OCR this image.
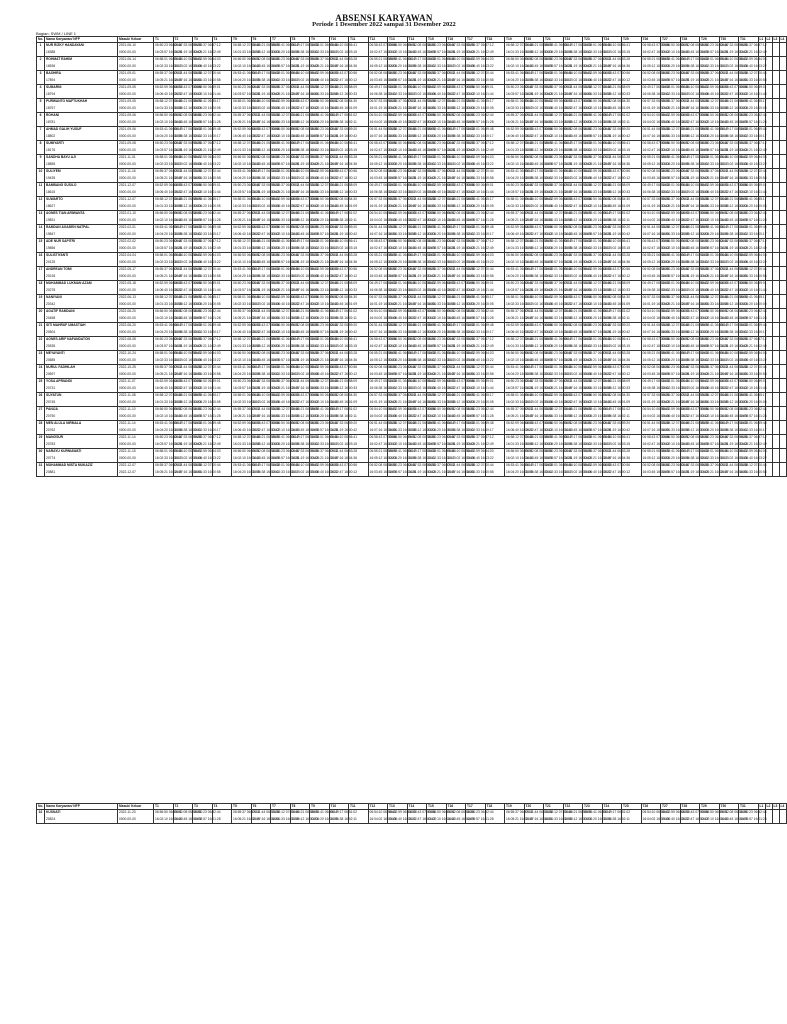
ABSENSI KARYAWAN
Periode 1 Desember 2022 sampai 31 Desember 2022
Bagian: SWM / LINE 1
No.	Nama Karyawan/ NFP	Masuk/ Keluar	T1	T2	T3	T4	T5	T6	T7	T8	T9	T10	T11	T12	T13	T14	T15	T16	T17	T18	T19	T20	T21	T22	T23	T24	T25	T26	T27	T28	T29	T30	T31	L1	L2	L3	L4
1	NUR RIZKY HANDAYANI
16388	2021-06-10
0000-00-00	06:50:23 06:52:44
16:03:57 16:01:28	06:57:33 06:59:20
16:01:19 16:00:42	06:55:37 06:57:12
16:05:21 16:02:49		06:58:12 07:00:44
16:01:33 16:00:58	06:55:21 06:58:09
16:05:12 16:00:33	06:53:41 06:55:17
16:04:20 16:00:05	06:49:17 06:51:02
16:06:38 16:02:11	06:58:01 06:59:48
16:02:33 16:00:17	06:54:10 06:56:41
16:04:02 16:03:15		06:58:43 07:00:56
16:02:47 16:00:12	06:56:50 06:59:01
16:02:10 16:01:44	06:52:08 06:54:30
16:03:45 16:01:09	06:50:23 06:52:44
16:03:57 16:01:28	06:57:33 06:59:20
16:01:19 16:00:42	06:55:37 06:57:12
16:05:21 16:02:49		06:58:12 07:00:44
16:01:33 16:00:58	06:55:21 06:58:09
16:05:12 16:00:33	06:53:41 06:55:17
16:04:20 16:00:05	06:49:17 06:51:02
16:06:38 16:02:11	06:58:01 06:59:48
16:02:33 16:00:17	06:54:10 06:56:41
16:04:02 16:03:15		06:58:43 07:00:56
16:02:47 16:00:12	06:56:50 06:59:01
16:02:10 16:01:44	06:52:08 06:54:30
16:03:45 16:01:09	06:50:23 06:52:44
16:03:57 16:01:28	06:57:33 06:59:20
16:01:19 16:00:42	06:55:37 06:57:12
16:05:21 16:02:49				

2	ROHMAT RAHIM
16536	2021-06-14
0000-00-00	06:58:01 06:59:48
16:02:33 16:00:17	06:54:10 06:56:41
16:04:02 16:03:15	06:52:59 06:54:03
16:06:40 16:03:22		06:56:50 06:59:01
16:02:10 16:01:44	06:52:08 06:54:30
16:03:45 16:01:09	06:50:23 06:52:44
16:03:57 16:01:28	06:57:33 06:59:20
16:01:19 16:00:42	06:55:37 06:57:12
16:05:21 16:02:49	06:51:44 06:53:28
16:07:16 16:04:36		06:55:21 06:58:09
16:05:12 16:00:33	06:53:41 06:55:17
16:04:20 16:00:05	06:49:17 06:51:02
16:06:38 16:02:11	06:58:01 06:59:48
16:02:33 16:00:17	06:54:10 06:56:41
16:04:02 16:03:15	06:52:59 06:54:03
16:06:40 16:03:22		06:56:50 06:59:01
16:02:10 16:01:44	06:52:08 06:54:30
16:03:45 16:01:09	06:50:23 06:52:44
16:03:57 16:01:28	06:57:33 06:59:20
16:01:19 16:00:42	06:55:37 06:57:12
16:05:21 16:02:49	06:51:44 06:53:28
16:07:16 16:04:36		06:55:21 06:58:09
16:05:12 16:00:33	06:53:41 06:55:17
16:04:20 16:00:05	06:49:17 06:51:02
16:06:38 16:02:11	06:58:01 06:59:48
16:02:33 16:00:17	06:54:10 06:56:41
16:04:02 16:03:15	06:52:59 06:54:03
16:06:40 16:03:22				

3	BASHIRA
17894	2021-09-01
0000-00-00	06:55:37 06:57:12
16:05:21 16:02:49	06:51:44 06:53:28
16:07:16 16:04:36	06:58:12 07:00:44
16:01:33 16:00:58		06:53:41 06:55:17
16:04:20 16:00:05	06:49:17 06:51:02
16:06:38 16:02:11	06:58:01 06:59:48
16:02:33 16:00:17	06:54:10 06:56:41
16:04:02 16:03:15	06:52:59 06:54:03
16:06:40 16:03:22	06:58:43 07:00:56
16:02:47 16:00:12		06:52:08 06:54:30
16:03:45 16:01:09	06:50:23 06:52:44
16:03:57 16:01:28	06:57:33 06:59:20
16:01:19 16:00:42	06:55:37 06:57:12
16:05:21 16:02:49	06:51:44 06:53:28
16:07:16 16:04:36	06:58:12 07:00:44
16:01:33 16:00:58		06:53:41 06:55:17
16:04:20 16:00:05	06:49:17 06:51:02
16:06:38 16:02:11	06:58:01 06:59:48
16:02:33 16:00:17	06:54:10 06:56:41
16:04:02 16:03:15	06:52:59 06:54:03
16:06:40 16:03:22	06:58:43 07:00:56
16:02:47 16:00:12		06:52:08 06:54:30
16:03:45 16:01:09	06:50:23 06:52:44
16:03:57 16:01:28	06:57:33 06:59:20
16:01:19 16:00:42	06:55:37 06:57:12
16:05:21 16:02:49	06:51:44 06:53:28
16:07:16 16:04:36	06:58:12 07:00:44
16:01:33 16:00:58				

4	SUMARNI
18794	2021-09-05
0000-00-00	06:52:59 06:54:03
16:06:40 16:03:22	06:58:43 07:00:56
16:02:47 16:00:12	06:56:50 06:59:01
16:02:10 16:01:44		06:50:23 06:52:44
16:03:57 16:01:28	06:57:33 06:59:20
16:01:19 16:00:42	06:55:37 06:57:12
16:05:21 16:02:49	06:51:44 06:53:28
16:07:16 16:04:36	06:58:12 07:00:44
16:01:33 16:00:58	06:55:21 06:58:09
16:05:12 16:00:33		06:49:17 06:51:02
16:06:38 16:02:11	06:58:01 06:59:48
16:02:33 16:00:17	06:54:10 06:56:41
16:04:02 16:03:15	06:52:59 06:54:03
16:06:40 16:03:22	06:58:43 07:00:56
16:02:47 16:00:12	06:56:50 06:59:01
16:02:10 16:01:44		06:50:23 06:52:44
16:03:57 16:01:28	06:57:33 06:59:20
16:01:19 16:00:42	06:55:37 06:57:12
16:05:21 16:02:49	06:51:44 06:53:28
16:07:16 16:04:36	06:58:12 07:00:44
16:01:33 16:00:58	06:55:21 06:58:09
16:05:12 16:00:33		06:49:17 06:51:02
16:06:38 16:02:11	06:58:01 06:59:48
16:02:33 16:00:17	06:54:10 06:56:41
16:04:02 16:03:15	06:52:59 06:54:03
16:06:40 16:03:22	06:58:43 07:00:56
16:02:47 16:00:12	06:56:50 06:59:01
16:02:10 16:01:44				

5	PURWANTO MAFTUKHAH
18767	2021-09-05
0000-00-00	06:58:12 07:00:44
16:01:33 16:00:58	06:55:21 06:58:09
16:05:12 16:00:33	06:53:41 06:55:17
16:04:20 16:00:05		06:58:01 06:59:48
16:02:33 16:00:17	06:54:10 06:56:41
16:04:02 16:03:15	06:52:59 06:54:03
16:06:40 16:03:22	06:58:43 07:00:56
16:02:47 16:00:12	06:56:50 06:59:01
16:02:10 16:01:44	06:52:08 06:54:30
16:03:45 16:01:09		06:57:33 06:59:20
16:01:19 16:00:42	06:55:37 06:57:12
16:05:21 16:02:49	06:51:44 06:53:28
16:07:16 16:04:36	06:58:12 07:00:44
16:01:33 16:00:58	06:55:21 06:58:09
16:05:12 16:00:33	06:53:41 06:55:17
16:04:20 16:00:05		06:58:01 06:59:48
16:02:33 16:00:17	06:54:10 06:56:41
16:04:02 16:03:15	06:52:59 06:54:03
16:06:40 16:03:22	06:58:43 07:00:56
16:02:47 16:00:12	06:56:50 06:59:01
16:02:10 16:01:44	06:52:08 06:54:30
16:03:45 16:01:09		06:57:33 06:59:20
16:01:19 16:00:42	06:55:37 06:57:12
16:05:21 16:02:49	06:51:44 06:53:28
16:07:16 16:04:36	06:58:12 07:00:44
16:01:33 16:00:58	06:55:21 06:58:09
16:05:12 16:00:33	06:53:41 06:55:17
16:04:20 16:00:05				

6	ROHANI
18781	2021-09-06
0000-00-00	06:56:50 06:59:01
16:02:10 16:01:44	06:52:08 06:54:30
16:03:45 16:01:09	06:50:23 06:52:44
16:03:57 16:01:28		06:55:37 06:57:12
16:05:21 16:02:49	06:51:44 06:53:28
16:07:16 16:04:36	06:58:12 07:00:44
16:01:33 16:00:58	06:55:21 06:58:09
16:05:12 16:00:33	06:53:41 06:55:17
16:04:20 16:00:05	06:49:17 06:51:02
16:06:38 16:02:11		06:54:10 06:56:41
16:04:02 16:03:15	06:52:59 06:54:03
16:06:40 16:03:22	06:58:43 07:00:56
16:02:47 16:00:12	06:56:50 06:59:01
16:02:10 16:01:44	06:52:08 06:54:30
16:03:45 16:01:09	06:50:23 06:52:44
16:03:57 16:01:28		06:55:37 06:57:12
16:05:21 16:02:49	06:51:44 06:53:28
16:07:16 16:04:36	06:58:12 07:00:44
16:01:33 16:00:58	06:55:21 06:58:09
16:05:12 16:00:33	06:53:41 06:55:17
16:04:20 16:00:05	06:49:17 06:51:02
16:06:38 16:02:11		06:54:10 06:56:41
16:04:02 16:03:15	06:52:59 06:54:03
16:06:40 16:03:22	06:58:43 07:00:56
16:02:47 16:00:12	06:56:50 06:59:01
16:02:10 16:01:44	06:52:08 06:54:30
16:03:45 16:01:09	06:50:23 06:52:44
16:03:57 16:01:28				

7	AHMAD GALIH YUSUF
18802	2021-09-06
0000-00-00	06:53:41 06:55:17
16:04:20 16:00:05	06:49:17 06:51:02
16:06:38 16:02:11	06:58:01 06:59:48
16:02:33 16:00:17		06:52:59 06:54:03
16:06:40 16:03:22	06:58:43 07:00:56
16:02:47 16:00:12	06:56:50 06:59:01
16:02:10 16:01:44	06:52:08 06:54:30
16:03:45 16:01:09	06:50:23 06:52:44
16:03:57 16:01:28	06:57:33 06:59:20
16:01:19 16:00:42		06:51:44 06:53:28
16:07:16 16:04:36	06:58:12 07:00:44
16:01:33 16:00:58	06:55:21 06:58:09
16:05:12 16:00:33	06:53:41 06:55:17
16:04:20 16:00:05	06:49:17 06:51:02
16:06:38 16:02:11	06:58:01 06:59:48
16:02:33 16:00:17		06:52:59 06:54:03
16:06:40 16:03:22	06:58:43 07:00:56
16:02:47 16:00:12	06:56:50 06:59:01
16:02:10 16:01:44	06:52:08 06:54:30
16:03:45 16:01:09	06:50:23 06:52:44
16:03:57 16:01:28	06:57:33 06:59:20
16:01:19 16:00:42		06:51:44 06:53:28
16:07:16 16:04:36	06:58:12 07:00:44
16:01:33 16:00:58	06:55:21 06:58:09
16:05:12 16:00:33	06:53:41 06:55:17
16:04:20 16:00:05	06:49:17 06:51:02
16:06:38 16:02:11	06:58:01 06:59:48
16:02:33 16:00:17				

8	SUMIYARTI
18176	2021-09-08
0000-00-00	06:50:23 06:52:44
16:03:57 16:01:28	06:57:33 06:59:20
16:01:19 16:00:42	06:55:37 06:57:12
16:05:21 16:02:49		06:58:12 07:00:44
16:01:33 16:00:58	06:55:21 06:58:09
16:05:12 16:00:33	06:53:41 06:55:17
16:04:20 16:00:05	06:49:17 06:51:02
16:06:38 16:02:11	06:58:01 06:59:48
16:02:33 16:00:17	06:54:10 06:56:41
16:04:02 16:03:15		06:58:43 07:00:56
16:02:47 16:00:12	06:56:50 06:59:01
16:02:10 16:01:44	06:52:08 06:54:30
16:03:45 16:01:09	06:50:23 06:52:44
16:03:57 16:01:28	06:57:33 06:59:20
16:01:19 16:00:42	06:55:37 06:57:12
16:05:21 16:02:49		06:58:12 07:00:44
16:01:33 16:00:58	06:55:21 06:58:09
16:05:12 16:00:33	06:53:41 06:55:17
16:04:20 16:00:05	06:49:17 06:51:02
16:06:38 16:02:11	06:58:01 06:59:48
16:02:33 16:00:17	06:54:10 06:56:41
16:04:02 16:03:15		06:58:43 07:00:56
16:02:47 16:00:12	06:56:50 06:59:01
16:02:10 16:01:44	06:52:08 06:54:30
16:03:45 16:01:09	06:50:23 06:52:44
16:03:57 16:01:28	06:57:33 06:59:20
16:01:19 16:00:42	06:55:37 06:57:12
16:05:21 16:02:49				

9	SANDHA BAYU AJI
18855	2021-11-01
0000-00-00	06:58:01 06:59:48
16:02:33 16:00:17	06:54:10 06:56:41
16:04:02 16:03:15	06:52:59 06:54:03
16:06:40 16:03:22		06:56:50 06:59:01
16:02:10 16:01:44	06:52:08 06:54:30
16:03:45 16:01:09	06:50:23 06:52:44
16:03:57 16:01:28	06:57:33 06:59:20
16:01:19 16:00:42	06:55:37 06:57:12
16:05:21 16:02:49	06:51:44 06:53:28
16:07:16 16:04:36		06:55:21 06:58:09
16:05:12 16:00:33	06:53:41 06:55:17
16:04:20 16:00:05	06:49:17 06:51:02
16:06:38 16:02:11	06:58:01 06:59:48
16:02:33 16:00:17	06:54:10 06:56:41
16:04:02 16:03:15	06:52:59 06:54:03
16:06:40 16:03:22		06:56:50 06:59:01
16:02:10 16:01:44	06:52:08 06:54:30
16:03:45 16:01:09	06:50:23 06:52:44
16:03:57 16:01:28	06:57:33 06:59:20
16:01:19 16:00:42	06:55:37 06:57:12
16:05:21 16:02:49	06:51:44 06:53:28
16:07:16 16:04:36		06:55:21 06:58:09
16:05:12 16:00:33	06:53:41 06:55:17
16:04:20 16:00:05	06:49:17 06:51:02
16:06:38 16:02:11	06:58:01 06:59:48
16:02:33 16:00:17	06:54:10 06:56:41
16:04:02 16:03:15	06:52:59 06:54:03
16:06:40 16:03:22				

10	SULIYEM
19435	2021-11-16
0000-00-00	06:55:37 06:57:12
16:05:21 16:02:49	06:51:44 06:53:28
16:07:16 16:04:36	06:58:12 07:00:44
16:01:33 16:00:58		06:53:41 06:55:17
16:04:20 16:00:05	06:49:17 06:51:02
16:06:38 16:02:11	06:58:01 06:59:48
16:02:33 16:00:17	06:54:10 06:56:41
16:04:02 16:03:15	06:52:59 06:54:03
16:06:40 16:03:22	06:58:43 07:00:56
16:02:47 16:00:12		06:52:08 06:54:30
16:03:45 16:01:09	06:50:23 06:52:44
16:03:57 16:01:28	06:57:33 06:59:20
16:01:19 16:00:42	06:55:37 06:57:12
16:05:21 16:02:49	06:51:44 06:53:28
16:07:16 16:04:36	06:58:12 07:00:44
16:01:33 16:00:58		06:53:41 06:55:17
16:04:20 16:00:05	06:49:17 06:51:02
16:06:38 16:02:11	06:58:01 06:59:48
16:02:33 16:00:17	06:54:10 06:56:41
16:04:02 16:03:15	06:52:59 06:54:03
16:06:40 16:03:22	06:58:43 07:00:56
16:02:47 16:00:12		06:52:08 06:54:30
16:03:45 16:01:09	06:50:23 06:52:44
16:03:57 16:01:28	06:57:33 06:59:20
16:01:19 16:00:42	06:55:37 06:57:12
16:05:21 16:02:49	06:51:44 06:53:28
16:07:16 16:04:36	06:58:12 07:00:44
16:01:33 16:00:58				

11	BAMBANG SUSILO
18615	2021-12-07
0000-00-00	06:52:59 06:54:03
16:06:40 16:03:22	06:58:43 07:00:56
16:02:47 16:00:12	06:56:50 06:59:01
16:02:10 16:01:44		06:50:23 06:52:44
16:03:57 16:01:28	06:57:33 06:59:20
16:01:19 16:00:42	06:55:37 06:57:12
16:05:21 16:02:49	06:51:44 06:53:28
16:07:16 16:04:36	06:58:12 07:00:44
16:01:33 16:00:58	06:55:21 06:58:09
16:05:12 16:00:33		06:49:17 06:51:02
16:06:38 16:02:11	06:58:01 06:59:48
16:02:33 16:00:17	06:54:10 06:56:41
16:04:02 16:03:15	06:52:59 06:54:03
16:06:40 16:03:22	06:58:43 07:00:56
16:02:47 16:00:12	06:56:50 06:59:01
16:02:10 16:01:44		06:50:23 06:52:44
16:03:57 16:01:28	06:57:33 06:59:20
16:01:19 16:00:42	06:55:37 06:57:12
16:05:21 16:02:49	06:51:44 06:53:28
16:07:16 16:04:36	06:58:12 07:00:44
16:01:33 16:00:58	06:55:21 06:58:09
16:05:12 16:00:33		06:49:17 06:51:02
16:06:38 16:02:11	06:58:01 06:59:48
16:02:33 16:00:17	06:54:10 06:56:41
16:04:02 16:03:15	06:52:59 06:54:03
16:06:40 16:03:22	06:58:43 07:00:56
16:02:47 16:00:12	06:56:50 06:59:01
16:02:10 16:01:44				

12	SUWARTO
18627	2021-12-07
0000-00-00	06:58:12 07:00:44
16:01:33 16:00:58	06:55:21 06:58:09
16:05:12 16:00:33	06:53:41 06:55:17
16:04:20 16:00:05		06:58:01 06:59:48
16:02:33 16:00:17	06:54:10 06:56:41
16:04:02 16:03:15	06:52:59 06:54:03
16:06:40 16:03:22	06:58:43 07:00:56
16:02:47 16:00:12	06:56:50 06:59:01
16:02:10 16:01:44	06:52:08 06:54:30
16:03:45 16:01:09		06:57:33 06:59:20
16:01:19 16:00:42	06:55:37 06:57:12
16:05:21 16:02:49	06:51:44 06:53:28
16:07:16 16:04:36	06:58:12 07:00:44
16:01:33 16:00:58	06:55:21 06:58:09
16:05:12 16:00:33	06:53:41 06:55:17
16:04:20 16:00:05		06:58:01 06:59:48
16:02:33 16:00:17	06:54:10 06:56:41
16:04:02 16:03:15	06:52:59 06:54:03
16:06:40 16:03:22	06:58:43 07:00:56
16:02:47 16:00:12	06:56:50 06:59:01
16:02:10 16:01:44	06:52:08 06:54:30
16:03:45 16:01:09		06:57:33 06:59:20
16:01:19 16:00:42	06:55:37 06:57:12
16:05:21 16:02:49	06:51:44 06:53:28
16:07:16 16:04:36	06:58:12 07:00:44
16:01:33 16:00:58	06:55:21 06:58:09
16:05:12 16:00:33	06:53:41 06:55:17
16:04:20 16:00:05				

13	AGNES TIAN ARIWANTA
19831	2022-01-10
0000-00-00	06:56:50 06:59:01
16:02:10 16:01:44	06:52:08 06:54:30
16:03:45 16:01:09	06:50:23 06:52:44
16:03:57 16:01:28		06:55:37 06:57:12
16:05:21 16:02:49	06:51:44 06:53:28
16:07:16 16:04:36	06:58:12 07:00:44
16:01:33 16:00:58	06:55:21 06:58:09
16:05:12 16:00:33	06:53:41 06:55:17
16:04:20 16:00:05	06:49:17 06:51:02
16:06:38 16:02:11		06:54:10 06:56:41
16:04:02 16:03:15	06:52:59 06:54:03
16:06:40 16:03:22	06:58:43 07:00:56
16:02:47 16:00:12	06:56:50 06:59:01
16:02:10 16:01:44	06:52:08 06:54:30
16:03:45 16:01:09	06:50:23 06:52:44
16:03:57 16:01:28		06:55:37 06:57:12
16:05:21 16:02:49	06:51:44 06:53:28
16:07:16 16:04:36	06:58:12 07:00:44
16:01:33 16:00:58	06:55:21 06:58:09
16:05:12 16:00:33	06:53:41 06:55:17
16:04:20 16:00:05	06:49:17 06:51:02
16:06:38 16:02:11		06:54:10 06:56:41
16:04:02 16:03:15	06:52:59 06:54:03
16:06:40 16:03:22	06:58:43 07:00:56
16:02:47 16:00:12	06:56:50 06:59:01
16:02:10 16:01:44	06:52:08 06:54:30
16:03:45 16:01:09	06:50:23 06:52:44
16:03:57 16:01:28				

14	RAMDAN AGADEN NATPAL
19847	2022-02-01
0000-00-00	06:53:41 06:55:17
16:04:20 16:00:05	06:49:17 06:51:02
16:06:38 16:02:11	06:58:01 06:59:48
16:02:33 16:00:17		06:52:59 06:54:03
16:06:40 16:03:22	06:58:43 07:00:56
16:02:47 16:00:12	06:56:50 06:59:01
16:02:10 16:01:44	06:52:08 06:54:30
16:03:45 16:01:09	06:50:23 06:52:44
16:03:57 16:01:28	06:57:33 06:59:20
16:01:19 16:00:42		06:51:44 06:53:28
16:07:16 16:04:36	06:58:12 07:00:44
16:01:33 16:00:58	06:55:21 06:58:09
16:05:12 16:00:33	06:53:41 06:55:17
16:04:20 16:00:05	06:49:17 06:51:02
16:06:38 16:02:11	06:58:01 06:59:48
16:02:33 16:00:17		06:52:59 06:54:03
16:06:40 16:03:22	06:58:43 07:00:56
16:02:47 16:00:12	06:56:50 06:59:01
16:02:10 16:01:44	06:52:08 06:54:30
16:03:45 16:01:09	06:50:23 06:52:44
16:03:57 16:01:28	06:57:33 06:59:20
16:01:19 16:00:42		06:51:44 06:53:28
16:07:16 16:04:36	06:58:12 07:00:44
16:01:33 16:00:58	06:55:21 06:58:09
16:05:12 16:00:33	06:53:41 06:55:17
16:04:20 16:00:05	06:49:17 06:51:02
16:06:38 16:02:11	06:58:01 06:59:48
16:02:33 16:00:17				

15	ADE NUR SAPITRI
19856	2022-02-02
0000-00-00	06:50:23 06:52:44
16:03:57 16:01:28	06:57:33 06:59:20
16:01:19 16:00:42	06:55:37 06:57:12
16:05:21 16:02:49		06:58:12 07:00:44
16:01:33 16:00:58	06:55:21 06:58:09
16:05:12 16:00:33	06:53:41 06:55:17
16:04:20 16:00:05	06:49:17 06:51:02
16:06:38 16:02:11	06:58:01 06:59:48
16:02:33 16:00:17	06:54:10 06:56:41
16:04:02 16:03:15		06:58:43 07:00:56
16:02:47 16:00:12	06:56:50 06:59:01
16:02:10 16:01:44	06:52:08 06:54:30
16:03:45 16:01:09	06:50:23 06:52:44
16:03:57 16:01:28	06:57:33 06:59:20
16:01:19 16:00:42	06:55:37 06:57:12
16:05:21 16:02:49		06:58:12 07:00:44
16:01:33 16:00:58	06:55:21 06:58:09
16:05:12 16:00:33	06:53:41 06:55:17
16:04:20 16:00:05	06:49:17 06:51:02
16:06:38 16:02:11	06:58:01 06:59:48
16:02:33 16:00:17	06:54:10 06:56:41
16:04:02 16:03:15		06:58:43 07:00:56
16:02:47 16:00:12	06:56:50 06:59:01
16:02:10 16:01:44	06:52:08 06:54:30
16:03:45 16:01:09	06:50:23 06:52:44
16:03:57 16:01:28	06:57:33 06:59:20
16:01:19 16:00:42	06:55:37 06:57:12
16:05:21 16:02:49				

16	SULISTIYANTI
20125	2022-04-04
0000-00-00	06:58:01 06:59:48
16:02:33 16:00:17	06:54:10 06:56:41
16:04:02 16:03:15	06:52:59 06:54:03
16:06:40 16:03:22		06:56:50 06:59:01
16:02:10 16:01:44	06:52:08 06:54:30
16:03:45 16:01:09	06:50:23 06:52:44
16:03:57 16:01:28	06:57:33 06:59:20
16:01:19 16:00:42	06:55:37 06:57:12
16:05:21 16:02:49	06:51:44 06:53:28
16:07:16 16:04:36		06:55:21 06:58:09
16:05:12 16:00:33	06:53:41 06:55:17
16:04:20 16:00:05	06:49:17 06:51:02
16:06:38 16:02:11	06:58:01 06:59:48
16:02:33 16:00:17	06:54:10 06:56:41
16:04:02 16:03:15	06:52:59 06:54:03
16:06:40 16:03:22		06:56:50 06:59:01
16:02:10 16:01:44	06:52:08 06:54:30
16:03:45 16:01:09	06:50:23 06:52:44
16:03:57 16:01:28	06:57:33 06:59:20
16:01:19 16:00:42	06:55:37 06:57:12
16:05:21 16:02:49	06:51:44 06:53:28
16:07:16 16:04:36		06:55:21 06:58:09
16:05:12 16:00:33	06:53:41 06:55:17
16:04:20 16:00:05	06:49:17 06:51:02
16:06:38 16:02:11	06:58:01 06:59:48
16:02:33 16:00:17	06:54:10 06:56:41
16:04:02 16:03:15	06:52:59 06:54:03
16:06:40 16:03:22				

17	ANDREAN TOMI
20218	2022-05-17
0000-00-00	06:55:37 06:57:12
16:05:21 16:02:49	06:51:44 06:53:28
16:07:16 16:04:36	06:58:12 07:00:44
16:01:33 16:00:58		06:53:41 06:55:17
16:04:20 16:00:05	06:49:17 06:51:02
16:06:38 16:02:11	06:58:01 06:59:48
16:02:33 16:00:17	06:54:10 06:56:41
16:04:02 16:03:15	06:52:59 06:54:03
16:06:40 16:03:22	06:58:43 07:00:56
16:02:47 16:00:12		06:52:08 06:54:30
16:03:45 16:01:09	06:50:23 06:52:44
16:03:57 16:01:28	06:57:33 06:59:20
16:01:19 16:00:42	06:55:37 06:57:12
16:05:21 16:02:49	06:51:44 06:53:28
16:07:16 16:04:36	06:58:12 07:00:44
16:01:33 16:00:58		06:53:41 06:55:17
16:04:20 16:00:05	06:49:17 06:51:02
16:06:38 16:02:11	06:58:01 06:59:48
16:02:33 16:00:17	06:54:10 06:56:41
16:04:02 16:03:15	06:52:59 06:54:03
16:06:40 16:03:22	06:58:43 07:00:56
16:02:47 16:00:12		06:52:08 06:54:30
16:03:45 16:01:09	06:50:23 06:52:44
16:03:57 16:01:28	06:57:33 06:59:20
16:01:19 16:00:42	06:55:37 06:57:12
16:05:21 16:02:49	06:51:44 06:53:28
16:07:16 16:04:36	06:58:12 07:00:44
16:01:33 16:00:58				

18	MUHAMMAD LUKMAN AZAM
20278	2022-05-18
0000-00-00	06:52:59 06:54:03
16:06:40 16:03:22	06:58:43 07:00:56
16:02:47 16:00:12	06:56:50 06:59:01
16:02:10 16:01:44		06:50:23 06:52:44
16:03:57 16:01:28	06:57:33 06:59:20
16:01:19 16:00:42	06:55:37 06:57:12
16:05:21 16:02:49	06:51:44 06:53:28
16:07:16 16:04:36	06:58:12 07:00:44
16:01:33 16:00:58	06:55:21 06:58:09
16:05:12 16:00:33		06:49:17 06:51:02
16:06:38 16:02:11	06:58:01 06:59:48
16:02:33 16:00:17	06:54:10 06:56:41
16:04:02 16:03:15	06:52:59 06:54:03
16:06:40 16:03:22	06:58:43 07:00:56
16:02:47 16:00:12	06:56:50 06:59:01
16:02:10 16:01:44		06:50:23 06:52:44
16:03:57 16:01:28	06:57:33 06:59:20
16:01:19 16:00:42	06:55:37 06:57:12
16:05:21 16:02:49	06:51:44 06:53:28
16:07:16 16:04:36	06:58:12 07:00:44
16:01:33 16:00:58	06:55:21 06:58:09
16:05:12 16:00:33		06:49:17 06:51:02
16:06:38 16:02:11	06:58:01 06:59:48
16:02:33 16:00:17	06:54:10 06:56:41
16:04:02 16:03:15	06:52:59 06:54:03
16:06:40 16:03:22	06:58:43 07:00:56
16:02:47 16:00:12	06:56:50 06:59:01
16:02:10 16:01:44				

19	NANIYANI
20342	2022-06-13
0000-00-00	06:58:12 07:00:44
16:01:33 16:00:58	06:55:21 06:58:09
16:05:12 16:00:33	06:53:41 06:55:17
16:04:20 16:00:05		06:58:01 06:59:48
16:02:33 16:00:17	06:54:10 06:56:41
16:04:02 16:03:15	06:52:59 06:54:03
16:06:40 16:03:22	06:58:43 07:00:56
16:02:47 16:00:12	06:56:50 06:59:01
16:02:10 16:01:44	06:52:08 06:54:30
16:03:45 16:01:09		06:57:33 06:59:20
16:01:19 16:00:42	06:55:37 06:57:12
16:05:21 16:02:49	06:51:44 06:53:28
16:07:16 16:04:36	06:58:12 07:00:44
16:01:33 16:00:58	06:55:21 06:58:09
16:05:12 16:00:33	06:53:41 06:55:17
16:04:20 16:00:05		06:58:01 06:59:48
16:02:33 16:00:17	06:54:10 06:56:41
16:04:02 16:03:15	06:52:59 06:54:03
16:06:40 16:03:22	06:58:43 07:00:56
16:02:47 16:00:12	06:56:50 06:59:01
16:02:10 16:01:44	06:52:08 06:54:30
16:03:45 16:01:09		06:57:33 06:59:20
16:01:19 16:00:42	06:55:37 06:57:12
16:05:21 16:02:49	06:51:44 06:53:28
16:07:16 16:04:36	06:58:12 07:00:44
16:01:33 16:00:58	06:55:21 06:58:09
16:05:12 16:00:33	06:53:41 06:55:17
16:04:20 16:00:05				

20	AGATIF RAMDANI
20458	2022-06-20
0000-00-00	06:56:50 06:59:01
16:02:10 16:01:44	06:52:08 06:54:30
16:03:45 16:01:09	06:50:23 06:52:44
16:03:57 16:01:28		06:55:37 06:57:12
16:05:21 16:02:49	06:51:44 06:53:28
16:07:16 16:04:36	06:58:12 07:00:44
16:01:33 16:00:58	06:55:21 06:58:09
16:05:12 16:00:33	06:53:41 06:55:17
16:04:20 16:00:05	06:49:17 06:51:02
16:06:38 16:02:11		06:54:10 06:56:41
16:04:02 16:03:15	06:52:59 06:54:03
16:06:40 16:03:22	06:58:43 07:00:56
16:02:47 16:00:12	06:56:50 06:59:01
16:02:10 16:01:44	06:52:08 06:54:30
16:03:45 16:01:09	06:50:23 06:52:44
16:03:57 16:01:28		06:55:37 06:57:12
16:05:21 16:02:49	06:51:44 06:53:28
16:07:16 16:04:36	06:58:12 07:00:44
16:01:33 16:00:58	06:55:21 06:58:09
16:05:12 16:00:33	06:53:41 06:55:17
16:04:20 16:00:05	06:49:17 06:51:02
16:06:38 16:02:11		06:54:10 06:56:41
16:04:02 16:03:15	06:52:59 06:54:03
16:06:40 16:03:22	06:58:43 07:00:56
16:02:47 16:00:12	06:56:50 06:59:01
16:02:10 16:01:44	06:52:08 06:54:30
16:03:45 16:01:09	06:50:23 06:52:44
16:03:57 16:01:28				

21	SITI MAHRUF UMASTIAH
20504	2022-06-20
0000-00-00	06:53:41 06:55:17
16:04:20 16:00:05	06:49:17 06:51:02
16:06:38 16:02:11	06:58:01 06:59:48
16:02:33 16:00:17		06:52:59 06:54:03
16:06:40 16:03:22	06:58:43 07:00:56
16:02:47 16:00:12	06:56:50 06:59:01
16:02:10 16:01:44	06:52:08 06:54:30
16:03:45 16:01:09	06:50:23 06:52:44
16:03:57 16:01:28	06:57:33 06:59:20
16:01:19 16:00:42		06:51:44 06:53:28
16:07:16 16:04:36	06:58:12 07:00:44
16:01:33 16:00:58	06:55:21 06:58:09
16:05:12 16:00:33	06:53:41 06:55:17
16:04:20 16:00:05	06:49:17 06:51:02
16:06:38 16:02:11	06:58:01 06:59:48
16:02:33 16:00:17		06:52:59 06:54:03
16:06:40 16:03:22	06:58:43 07:00:56
16:02:47 16:00:12	06:56:50 06:59:01
16:02:10 16:01:44	06:52:08 06:54:30
16:03:45 16:01:09	06:50:23 06:52:44
16:03:57 16:01:28	06:57:33 06:59:20
16:01:19 16:00:42		06:51:44 06:53:28
16:07:16 16:04:36	06:58:12 07:00:44
16:01:33 16:00:58	06:55:21 06:58:09
16:05:12 16:00:33	06:53:41 06:55:17
16:04:20 16:00:05	06:49:17 06:51:02
16:06:38 16:02:11	06:58:01 06:59:48
16:02:33 16:00:17				

22	AGNES ARIF NAFANDATON
20535	2022-08-08
0000-00-00	06:50:23 06:52:44
16:03:57 16:01:28	06:57:33 06:59:20
16:01:19 16:00:42	06:55:37 06:57:12
16:05:21 16:02:49		06:58:12 07:00:44
16:01:33 16:00:58	06:55:21 06:58:09
16:05:12 16:00:33	06:53:41 06:55:17
16:04:20 16:00:05	06:49:17 06:51:02
16:06:38 16:02:11	06:58:01 06:59:48
16:02:33 16:00:17	06:54:10 06:56:41
16:04:02 16:03:15		06:58:43 07:00:56
16:02:47 16:00:12	06:56:50 06:59:01
16:02:10 16:01:44	06:52:08 06:54:30
16:03:45 16:01:09	06:50:23 06:52:44
16:03:57 16:01:28	06:57:33 06:59:20
16:01:19 16:00:42	06:55:37 06:57:12
16:05:21 16:02:49		06:58:12 07:00:44
16:01:33 16:00:58	06:55:21 06:58:09
16:05:12 16:00:33	06:53:41 06:55:17
16:04:20 16:00:05	06:49:17 06:51:02
16:06:38 16:02:11	06:58:01 06:59:48
16:02:33 16:00:17	06:54:10 06:56:41
16:04:02 16:03:15		06:58:43 07:00:56
16:02:47 16:00:12	06:56:50 06:59:01
16:02:10 16:01:44	06:52:08 06:54:30
16:03:45 16:01:09	06:50:23 06:52:44
16:03:57 16:01:28	06:57:33 06:59:20
16:01:19 16:00:42	06:55:37 06:57:12
16:05:21 16:02:49				

23	MEYAYANTI
20685	2022-10-24
0000-00-00	06:58:01 06:59:48
16:02:33 16:00:17	06:54:10 06:56:41
16:04:02 16:03:15	06:52:59 06:54:03
16:06:40 16:03:22		06:56:50 06:59:01
16:02:10 16:01:44	06:52:08 06:54:30
16:03:45 16:01:09	06:50:23 06:52:44
16:03:57 16:01:28	06:57:33 06:59:20
16:01:19 16:00:42	06:55:37 06:57:12
16:05:21 16:02:49	06:51:44 06:53:28
16:07:16 16:04:36		06:55:21 06:58:09
16:05:12 16:00:33	06:53:41 06:55:17
16:04:20 16:00:05	06:49:17 06:51:02
16:06:38 16:02:11	06:58:01 06:59:48
16:02:33 16:00:17	06:54:10 06:56:41
16:04:02 16:03:15	06:52:59 06:54:03
16:06:40 16:03:22		06:56:50 06:59:01
16:02:10 16:01:44	06:52:08 06:54:30
16:03:45 16:01:09	06:50:23 06:52:44
16:03:57 16:01:28	06:57:33 06:59:20
16:01:19 16:00:42	06:55:37 06:57:12
16:05:21 16:02:49	06:51:44 06:53:28
16:07:16 16:04:36		06:55:21 06:58:09
16:05:12 16:00:33	06:53:41 06:55:17
16:04:20 16:00:05	06:49:17 06:51:02
16:06:38 16:02:11	06:58:01 06:59:48
16:02:33 16:00:17	06:54:10 06:56:41
16:04:02 16:03:15	06:52:59 06:54:03
16:06:40 16:03:22				

24	NURUL FADHILAH
20697	2022-10-25
0000-00-00	06:55:37 06:57:12
16:05:21 16:02:49	06:51:44 06:53:28
16:07:16 16:04:36	06:58:12 07:00:44
16:01:33 16:00:58		06:53:41 06:55:17
16:04:20 16:00:05	06:49:17 06:51:02
16:06:38 16:02:11	06:58:01 06:59:48
16:02:33 16:00:17	06:54:10 06:56:41
16:04:02 16:03:15	06:52:59 06:54:03
16:06:40 16:03:22	06:58:43 07:00:56
16:02:47 16:00:12		06:52:08 06:54:30
16:03:45 16:01:09	06:50:23 06:52:44
16:03:57 16:01:28	06:57:33 06:59:20
16:01:19 16:00:42	06:55:37 06:57:12
16:05:21 16:02:49	06:51:44 06:53:28
16:07:16 16:04:36	06:58:12 07:00:44
16:01:33 16:00:58		06:53:41 06:55:17
16:04:20 16:00:05	06:49:17 06:51:02
16:06:38 16:02:11	06:58:01 06:59:48
16:02:33 16:00:17	06:54:10 06:56:41
16:04:02 16:03:15	06:52:59 06:54:03
16:06:40 16:03:22	06:58:43 07:00:56
16:02:47 16:00:12		06:52:08 06:54:30
16:03:45 16:01:09	06:50:23 06:52:44
16:03:57 16:01:28	06:57:33 06:59:20
16:01:19 16:00:42	06:55:37 06:57:12
16:05:21 16:02:49	06:51:44 06:53:28
16:07:16 16:04:36	06:58:12 07:00:44
16:01:33 16:00:58				

25	YOSA APRIANDI
20731	2022-11-07
0000-00-00	06:52:59 06:54:03
16:06:40 16:03:22	06:58:43 07:00:56
16:02:47 16:00:12	06:56:50 06:59:01
16:02:10 16:01:44		06:50:23 06:52:44
16:03:57 16:01:28	06:57:33 06:59:20
16:01:19 16:00:42	06:55:37 06:57:12
16:05:21 16:02:49	06:51:44 06:53:28
16:07:16 16:04:36	06:58:12 07:00:44
16:01:33 16:00:58	06:55:21 06:58:09
16:05:12 16:00:33		06:49:17 06:51:02
16:06:38 16:02:11	06:58:01 06:59:48
16:02:33 16:00:17	06:54:10 06:56:41
16:04:02 16:03:15	06:52:59 06:54:03
16:06:40 16:03:22	06:58:43 07:00:56
16:02:47 16:00:12	06:56:50 06:59:01
16:02:10 16:01:44		06:50:23 06:52:44
16:03:57 16:01:28	06:57:33 06:59:20
16:01:19 16:00:42	06:55:37 06:57:12
16:05:21 16:02:49	06:51:44 06:53:28
16:07:16 16:04:36	06:58:12 07:00:44
16:01:33 16:00:58	06:55:21 06:58:09
16:05:12 16:00:33		06:49:17 06:51:02
16:06:38 16:02:11	06:58:01 06:59:48
16:02:33 16:00:17	06:54:10 06:56:41
16:04:02 16:03:15	06:52:59 06:54:03
16:06:40 16:03:22	06:58:43 07:00:56
16:02:47 16:00:12	06:56:50 06:59:01
16:02:10 16:01:44				

26	SUYATUN
20745	2022-11-08
0000-00-00	06:58:12 07:00:44
16:01:33 16:00:58	06:55:21 06:58:09
16:05:12 16:00:33	06:53:41 06:55:17
16:04:20 16:00:05		06:58:01 06:59:48
16:02:33 16:00:17	06:54:10 06:56:41
16:04:02 16:03:15	06:52:59 06:54:03
16:06:40 16:03:22	06:58:43 07:00:56
16:02:47 16:00:12	06:56:50 06:59:01
16:02:10 16:01:44	06:52:08 06:54:30
16:03:45 16:01:09		06:57:33 06:59:20
16:01:19 16:00:42	06:55:37 06:57:12
16:05:21 16:02:49	06:51:44 06:53:28
16:07:16 16:04:36	06:58:12 07:00:44
16:01:33 16:00:58	06:55:21 06:58:09
16:05:12 16:00:33	06:53:41 06:55:17
16:04:20 16:00:05		06:58:01 06:59:48
16:02:33 16:00:17	06:54:10 06:56:41
16:04:02 16:03:15	06:52:59 06:54:03
16:06:40 16:03:22	06:58:43 07:00:56
16:02:47 16:00:12	06:56:50 06:59:01
16:02:10 16:01:44	06:52:08 06:54:30
16:03:45 16:01:09		06:57:33 06:59:20
16:01:19 16:00:42	06:55:37 06:57:12
16:05:21 16:02:49	06:51:44 06:53:28
16:07:16 16:04:36	06:58:12 07:00:44
16:01:33 16:00:58	06:55:21 06:58:09
16:05:12 16:00:33	06:53:41 06:55:17
16:04:20 16:00:05				

27	PANIJA
20750	2022-11-10
0000-00-00	06:56:50 06:59:01
16:02:10 16:01:44	06:52:08 06:54:30
16:03:45 16:01:09	06:50:23 06:52:44
16:03:57 16:01:28		06:55:37 06:57:12
16:05:21 16:02:49	06:51:44 06:53:28
16:07:16 16:04:36	06:58:12 07:00:44
16:01:33 16:00:58	06:55:21 06:58:09
16:05:12 16:00:33	06:53:41 06:55:17
16:04:20 16:00:05	06:49:17 06:51:02
16:06:38 16:02:11		06:54:10 06:56:41
16:04:02 16:03:15	06:52:59 06:54:03
16:06:40 16:03:22	06:58:43 07:00:56
16:02:47 16:00:12	06:56:50 06:59:01
16:02:10 16:01:44	06:52:08 06:54:30
16:03:45 16:01:09	06:50:23 06:52:44
16:03:57 16:01:28		06:55:37 06:57:12
16:05:21 16:02:49	06:51:44 06:53:28
16:07:16 16:04:36	06:58:12 07:00:44
16:01:33 16:00:58	06:55:21 06:58:09
16:05:12 16:00:33	06:53:41 06:55:17
16:04:20 16:00:05	06:49:17 06:51:02
16:06:38 16:02:11		06:54:10 06:56:41
16:04:02 16:03:15	06:52:59 06:54:03
16:06:40 16:03:22	06:58:43 07:00:56
16:02:47 16:00:12	06:56:50 06:59:01
16:02:10 16:01:44	06:52:08 06:54:30
16:03:45 16:01:09	06:50:23 06:52:44
16:03:57 16:01:28				

28	MEN ALULA NIRMALA
20762	2022-11-14
0000-00-00	06:53:41 06:55:17
16:04:20 16:00:05	06:49:17 06:51:02
16:06:38 16:02:11	06:58:01 06:59:48
16:02:33 16:00:17		06:52:59 06:54:03
16:06:40 16:03:22	06:58:43 07:00:56
16:02:47 16:00:12	06:56:50 06:59:01
16:02:10 16:01:44	06:52:08 06:54:30
16:03:45 16:01:09	06:50:23 06:52:44
16:03:57 16:01:28	06:57:33 06:59:20
16:01:19 16:00:42		06:51:44 06:53:28
16:07:16 16:04:36	06:58:12 07:00:44
16:01:33 16:00:58	06:55:21 06:58:09
16:05:12 16:00:33	06:53:41 06:55:17
16:04:20 16:00:05	06:49:17 06:51:02
16:06:38 16:02:11	06:58:01 06:59:48
16:02:33 16:00:17		06:52:59 06:54:03
16:06:40 16:03:22	06:58:43 07:00:56
16:02:47 16:00:12	06:56:50 06:59:01
16:02:10 16:01:44	06:52:08 06:54:30
16:03:45 16:01:09	06:50:23 06:52:44
16:03:57 16:01:28	06:57:33 06:59:20
16:01:19 16:00:42		06:51:44 06:53:28
16:07:16 16:04:36	06:58:12 07:00:44
16:01:33 16:00:58	06:55:21 06:58:09
16:05:12 16:00:33	06:53:41 06:55:17
16:04:20 16:00:05	06:49:17 06:51:02
16:06:38 16:02:11	06:58:01 06:59:48
16:02:33 16:00:17				

29	MANGSUR
20783	2022-11-14
0000-00-00	06:50:23 06:52:44
16:03:57 16:01:28	06:57:33 06:59:20
16:01:19 16:00:42	06:55:37 06:57:12
16:05:21 16:02:49		06:58:12 07:00:44
16:01:33 16:00:58	06:55:21 06:58:09
16:05:12 16:00:33	06:53:41 06:55:17
16:04:20 16:00:05	06:49:17 06:51:02
16:06:38 16:02:11	06:58:01 06:59:48
16:02:33 16:00:17	06:54:10 06:56:41
16:04:02 16:03:15		06:58:43 07:00:56
16:02:47 16:00:12	06:56:50 06:59:01
16:02:10 16:01:44	06:52:08 06:54:30
16:03:45 16:01:09	06:50:23 06:52:44
16:03:57 16:01:28	06:57:33 06:59:20
16:01:19 16:00:42	06:55:37 06:57:12
16:05:21 16:02:49		06:58:12 07:00:44
16:01:33 16:00:58	06:55:21 06:58:09
16:05:12 16:00:33	06:53:41 06:55:17
16:04:20 16:00:05	06:49:17 06:51:02
16:06:38 16:02:11	06:58:01 06:59:48
16:02:33 16:00:17	06:54:10 06:56:41
16:04:02 16:03:15		06:58:43 07:00:56
16:02:47 16:00:12	06:56:50 06:59:01
16:02:10 16:01:44	06:52:08 06:54:30
16:03:45 16:01:09	06:50:23 06:52:44
16:03:57 16:01:28	06:57:33 06:59:20
16:01:19 16:00:42	06:55:37 06:57:12
16:05:21 16:02:49				

30	NARAYU KURNIAWATI
20774	2022-11-15
0000-00-00	06:58:01 06:59:48
16:02:33 16:00:17	06:54:10 06:56:41
16:04:02 16:03:15	06:52:59 06:54:03
16:06:40 16:03:22		06:56:50 06:59:01
16:02:10 16:01:44	06:52:08 06:54:30
16:03:45 16:01:09	06:50:23 06:52:44
16:03:57 16:01:28	06:57:33 06:59:20
16:01:19 16:00:42	06:55:37 06:57:12
16:05:21 16:02:49	06:51:44 06:53:28
16:07:16 16:04:36		06:55:21 06:58:09
16:05:12 16:00:33	06:53:41 06:55:17
16:04:20 16:00:05	06:49:17 06:51:02
16:06:38 16:02:11	06:58:01 06:59:48
16:02:33 16:00:17	06:54:10 06:56:41
16:04:02 16:03:15	06:52:59 06:54:03
16:06:40 16:03:22		06:56:50 06:59:01
16:02:10 16:01:44	06:52:08 06:54:30
16:03:45 16:01:09	06:50:23 06:52:44
16:03:57 16:01:28	06:57:33 06:59:20
16:01:19 16:00:42	06:55:37 06:57:12
16:05:21 16:02:49	06:51:44 06:53:28
16:07:16 16:04:36		06:55:21 06:58:09
16:05:12 16:00:33	06:53:41 06:55:17
16:04:20 16:00:05	06:49:17 06:51:02
16:06:38 16:02:11	06:58:01 06:59:48
16:02:33 16:00:17	06:54:10 06:56:41
16:04:02 16:03:15	06:52:59 06:54:03
16:06:40 16:03:22				

31	MUHAMMAD MISTA MUKAZIZ
20881	2022-12-07
2022-12-07	06:55:37 06:57:12
16:05:21 16:02:49	06:51:44 06:53:28
16:07:16 16:04:36	06:58:12 07:00:44
16:01:33 16:00:58		06:53:41 06:55:17
16:04:20 16:00:05	06:49:17 06:51:02
16:06:38 16:02:11	06:58:01 06:59:48
16:02:33 16:00:17	06:54:10 06:56:41
16:04:02 16:03:15	06:52:59 06:54:03
16:06:40 16:03:22	06:58:43 07:00:56
16:02:47 16:00:12		06:52:08 06:54:30
16:03:45 16:01:09	06:50:23 06:52:44
16:03:57 16:01:28	06:57:33 06:59:20
16:01:19 16:00:42	06:55:37 06:57:12
16:05:21 16:02:49	06:51:44 06:53:28
16:07:16 16:04:36	06:58:12 07:00:44
16:01:33 16:00:58		06:53:41 06:55:17
16:04:20 16:00:05	06:49:17 06:51:02
16:06:38 16:02:11	06:58:01 06:59:48
16:02:33 16:00:17	06:54:10 06:56:41
16:04:02 16:03:15	06:52:59 06:54:03
16:06:40 16:03:22	06:58:43 07:00:56
16:02:47 16:00:12		06:52:08 06:54:30
16:03:45 16:01:09	06:50:23 06:52:44
16:03:57 16:01:28	06:57:33 06:59:20
16:01:19 16:00:42	06:55:37 06:57:12
16:05:21 16:02:49	06:51:44 06:53:28
16:07:16 16:04:36	06:58:12 07:00:44
16:01:33 16:00:58				

No.	Nama Karyawan/ NFP	Masuk/ Keluar	T1	T2	T3	T4	T5	T6	T7	T8	T9	T10	T11	T12	T13	T14	T15	T16	T17	T18	T19	T20	T21	T22	T23	T24	T25	T26	T27	T28	T29	T30	T31	L1	L2	L3	L4
32	KUSNATI
20824	2022-11-23
0000-00-00	06:56:50 06:59:01
16:02:10 16:01:44	06:52:08 06:54:30
16:03:45 16:01:09	06:50:23 06:52:44
16:03:57 16:01:28		06:55:37 06:57:12
16:05:21 16:02:49	06:51:44 06:53:28
16:07:16 16:04:36	06:58:12 07:00:44
16:01:33 16:00:58	06:55:21 06:58:09
16:05:12 16:00:33	06:53:41 06:55:17
16:04:20 16:00:05	06:49:17 06:51:02
16:06:38 16:02:11		06:54:10 06:56:41
16:04:02 16:03:15	06:52:59 06:54:03
16:06:40 16:03:22	06:58:43 07:00:56
16:02:47 16:00:12	06:56:50 06:59:01
16:02:10 16:01:44	06:52:08 06:54:30
16:03:45 16:01:09	06:50:23 06:52:44
16:03:57 16:01:28		06:55:37 06:57:12
16:05:21 16:02:49	06:51:44 06:53:28
16:07:16 16:04:36	06:58:12 07:00:44
16:01:33 16:00:58	06:55:21 06:58:09
16:05:12 16:00:33	06:53:41 06:55:17
16:04:20 16:00:05	06:49:17 06:51:02
16:06:38 16:02:11		06:54:10 06:56:41
16:04:02 16:03:15	06:52:59 06:54:03
16:06:40 16:03:22	06:58:43 07:00:56
16:02:47 16:00:12	06:56:50 06:59:01
16:02:10 16:01:44	06:52:08 06:54:30
16:03:45 16:01:09	06:50:23 06:52:44
16:03:57 16:01:28				
